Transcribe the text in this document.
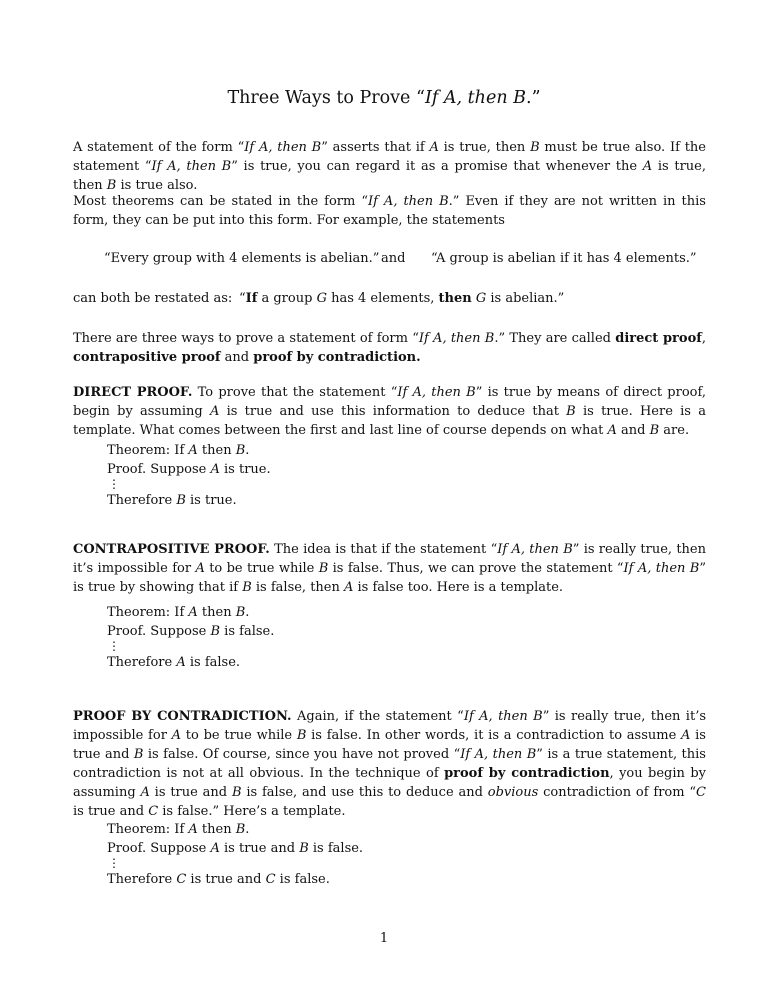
Three Ways to Prove “If A, then B.”

A statement of the form “If A, then B” asserts that if A is true, then B must be true also. If the statement “If A, then B” is true, you can regard it as a promise that whenever the A is true, then B is true also.

Most theorems can be stated in the form “If A, then B.” Even if they are not written in this form, they can be put into this form. For example, the statements

“Every group with 4 elements is abelian.” and “A group is abelian if it has 4 elements.”
can both be restated as: “If a group G has 4 elements, then G is abelian.”

There are three ways to prove a statement of form “If A, then B.” They are called direct proof, contrapositive proof and proof by contradiction.

DIRECT PROOF. To prove that the statement “If A, then B” is true by means of direct proof, begin by assuming A is true and use this information to deduce that B is true. Here is a template. What comes between the first and last line of course depends on what A and B are.

Theorem: If A then B.
Proof. Suppose A is true.
⋮
Therefore B is true.

CONTRAPOSITIVE PROOF. The idea is that if the statement “If A, then B” is really true, then it’s impossible for A to be true while B is false. Thus, we can prove the statement “If A, then B” is true by showing that if B is false, then A is false too. Here is a template.

Theorem: If A then B.
Proof. Suppose B is false.
⋮
Therefore A is false.

PROOF BY CONTRADICTION. Again, if the statement “If A, then B” is really true, then it’s impossible for A to be true while B is false. In other words, it is a contradiction to assume A is true and B is false. Of course, since you have not proved “If A, then B” is a true statement, this contradiction is not at all obvious. In the technique of proof by contradiction, you begin by assuming A is true and B is false, and use this to deduce and obvious contradiction of from “C is true and C is false.” Here’s a template.

Theorem: If A then B.
Proof. Suppose A is true and B is false.
⋮
Therefore C is true and C is false.
1
